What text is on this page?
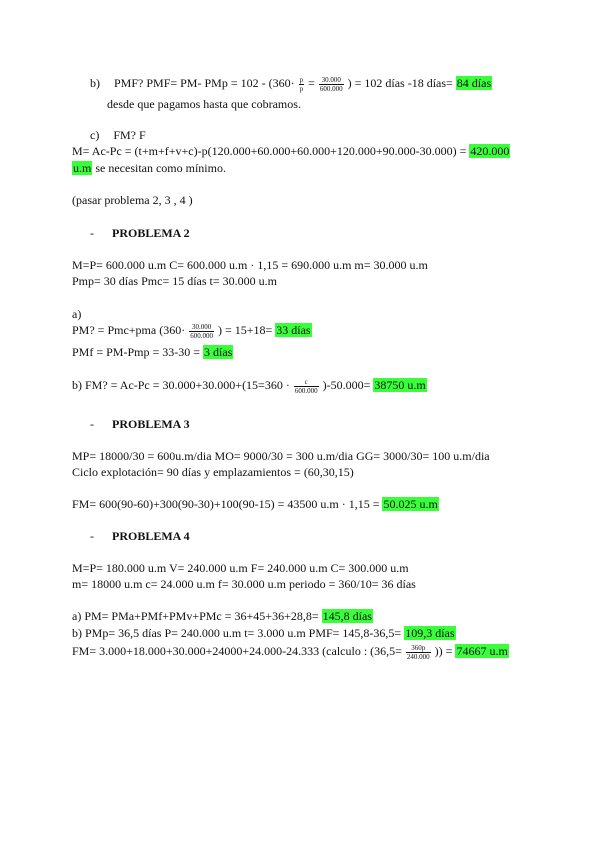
b) PMF? PMF= PM- PMp = $102 - (360\cdot \frac{p}{p} = \frac{30.000}{600.000}$ ) = 102 días -18 días= 84 días
desde que pagamos hasta que cobramos.
c) FM? F
M= Ac-Pc = (t+m+f+v+c)-p(120.000+60.000+60.000+120.000+90.000-30.000) = 420.000
u.m se necesitan como mínimo.
(pasar problema 2, 3 , 4 )
- PROBLEMA 2
M=P= 600.000 u.m C= 600.000 u.m · 1,15 = 690.000 u.m m= 30.000 u.m
Pmp= 30 días Pmc= 15 días t= 30.000 u.m
a)
PM? = Pmc+pma ($360\cdot \frac{30.000}{600.000}$ ) = 15+18= 33 días
PMf = PM-Pmp = 33-30 = 3 días
b) FM? = $Ac-Pc = 30.000+30.000+(15=360 \cdot \frac{c}{600.000} )-50.000= 38750$ u.m
- PROBLEMA 3
MP= 18000/30 = 600u.m/dia MO= 9000/30 = 300 u.m/dia GG= 3000/30= 100 u.m/dia
Ciclo explotación= 90 días y emplazamientos = (60,30,15)
FM= 600(90-60)+300(90-30)+100(90-15) = 43500 u.m · 1,15 = 50.025 u.m
- PROBLEMA 4
M=P= 180.000 u.m V= 240.000 u.m F= 240.000 u.m C= 300.000 u.m
m= 18000 u.m c= 24.000 u.m f= 30.000 u.m periodo = 360/10= 36 días
a) PM= PMa+PMf+PMv+PMc = 36+45+36+28,8= 145,8 días
b) PMp= 36,5 días P= 240.000 u.m t= 3.000 u.m PMF= 145,8-36,5= 109,3 días
FM= 3.000+18.000+30.000+24000+24.000-24.333 (calculo : ($36,5= \frac{360p}{240.000}$ )) = 74667 u.m
